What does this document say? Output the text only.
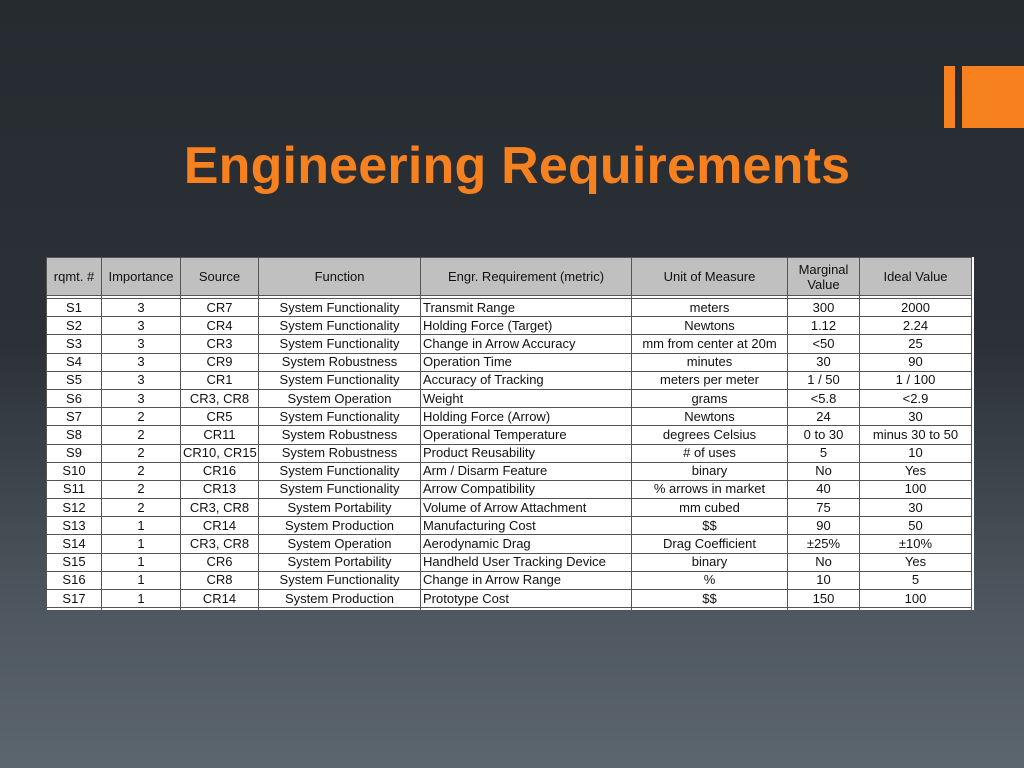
Engineering Requirements
rqmt. #	Importance	Source	Function	Engr. Requirement (metric)	Unit of Measure	Marginal Value	Ideal Value

S1	3	CR7	System Functionality	Transmit Range	meters	300	2000
S2	3	CR4	System Functionality	Holding Force (Target)	Newtons	1.12	2.24
S3	3	CR3	System Functionality	Change in Arrow Accuracy	mm from center at 20m	<50	25
S4	3	CR9	System Robustness	Operation Time	minutes	30	90
S5	3	CR1	System Functionality	Accuracy of Tracking	meters per meter	1 / 50	1 / 100
S6	3	CR3, CR8	System Operation	Weight	grams	<5.8	<2.9
S7	2	CR5	System Functionality	Holding Force (Arrow)	Newtons	24	30
S8	2	CR11	System Robustness	Operational Temperature	degrees Celsius	0 to 30	minus 30 to 50
S9	2	CR10, CR15	System Robustness	Product Reusability	# of uses	5	10
S10	2	CR16	System Functionality	Arm / Disarm Feature	binary	No	Yes
S11	2	CR13	System Functionality	Arrow Compatibility	% arrows in market	40	100
S12	2	CR3, CR8	System Portability	Volume of Arrow Attachment	mm cubed	75	30
S13	1	CR14	System Production	Manufacturing Cost	$$	90	50
S14	1	CR3, CR8	System Operation	Aerodynamic Drag	Drag Coefficient	±25%	±10%
S15	1	CR6	System Portability	Handheld User Tracking Device	binary	No	Yes
S16	1	CR8	System Functionality	Change in Arrow Range	%	10	5
S17	1	CR14	System Production	Prototype Cost	$$	150	100
